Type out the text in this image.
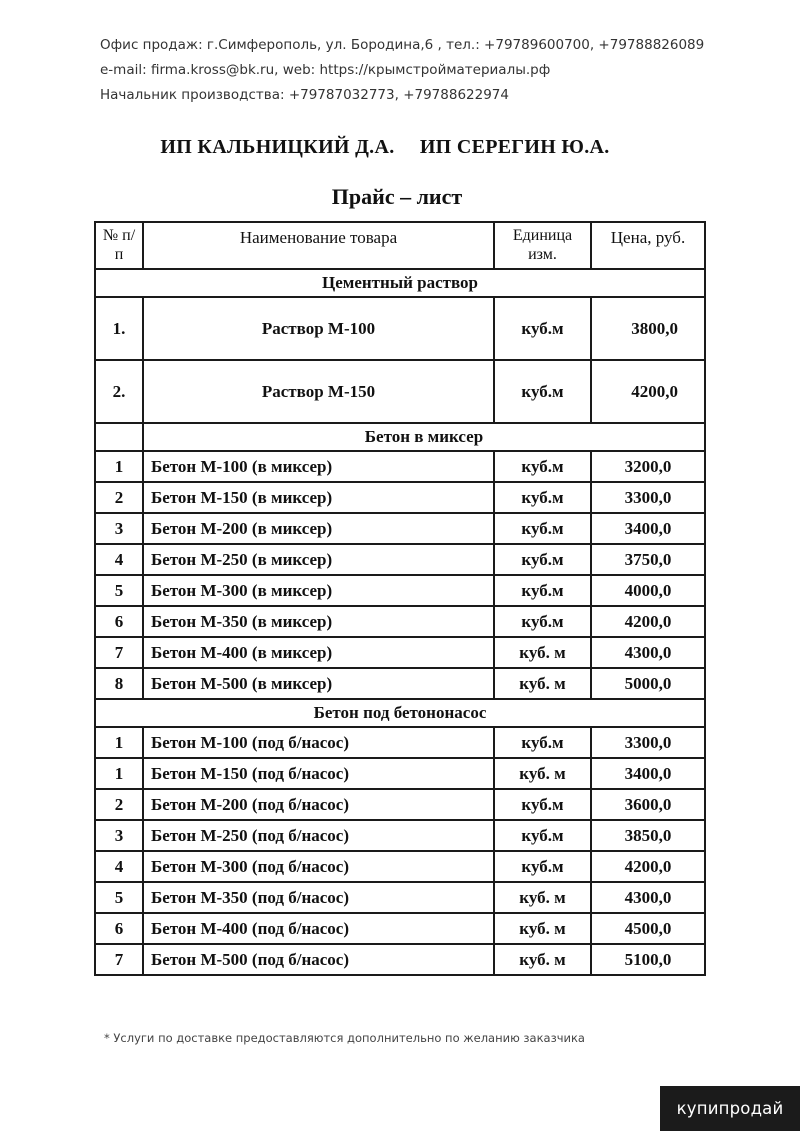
Офис продаж: г.Симферополь, ул. Бородина,6 , тел.: +79789600700, +79788826089
e-mail: firma.kross@bk.ru, web: https://крымстройматериалы.рф
Начальник производства: +79787032773, +79788622974
ИП КАЛЬНИЦКИЙ Д.А. ИП СЕРЕГИН Ю.А.
Прайс – лист
№ п/п	Наименование товара	Единица изм.	Цена, руб.
Цементный раствор			
1.	Раствор М-100	куб.м	3800,0
2.	Раствор М-150	куб.м	4200,0
	Бетон в миксер		
1	Бетон М-100 (в миксер)	куб.м	3200,0
2	Бетон М-150 (в миксер)	куб.м	3300,0
3	Бетон М-200 (в миксер)	куб.м	3400,0
4	Бетон М-250 (в миксер)	куб.м	3750,0
5	Бетон М-300 (в миксер)	куб.м	4000,0
6	Бетон М-350 (в миксер)	куб.м	4200,0
7	Бетон М-400 (в миксер)	куб. м	4300,0
8	Бетон М-500 (в миксер)	куб. м	5000,0
Бетон под бетононасос			
1	Бетон М-100 (под б/насос)	куб.м	3300,0
1	Бетон М-150 (под б/насос)	куб. м	3400,0
2	Бетон М-200 (под б/насос)	куб.м	3600,0
3	Бетон М-250 (под б/насос)	куб.м	3850,0
4	Бетон М-300 (под б/насос)	куб.м	4200,0
5	Бетон М-350 (под б/насос)	куб. м	4300,0
6	Бетон М-400 (под б/насос)	куб. м	4500,0
7	Бетон М-500 (под б/насос)	куб. м	5100,0
* Услуги по доставке предоставляются дополнительно по желанию заказчика
купипродай
